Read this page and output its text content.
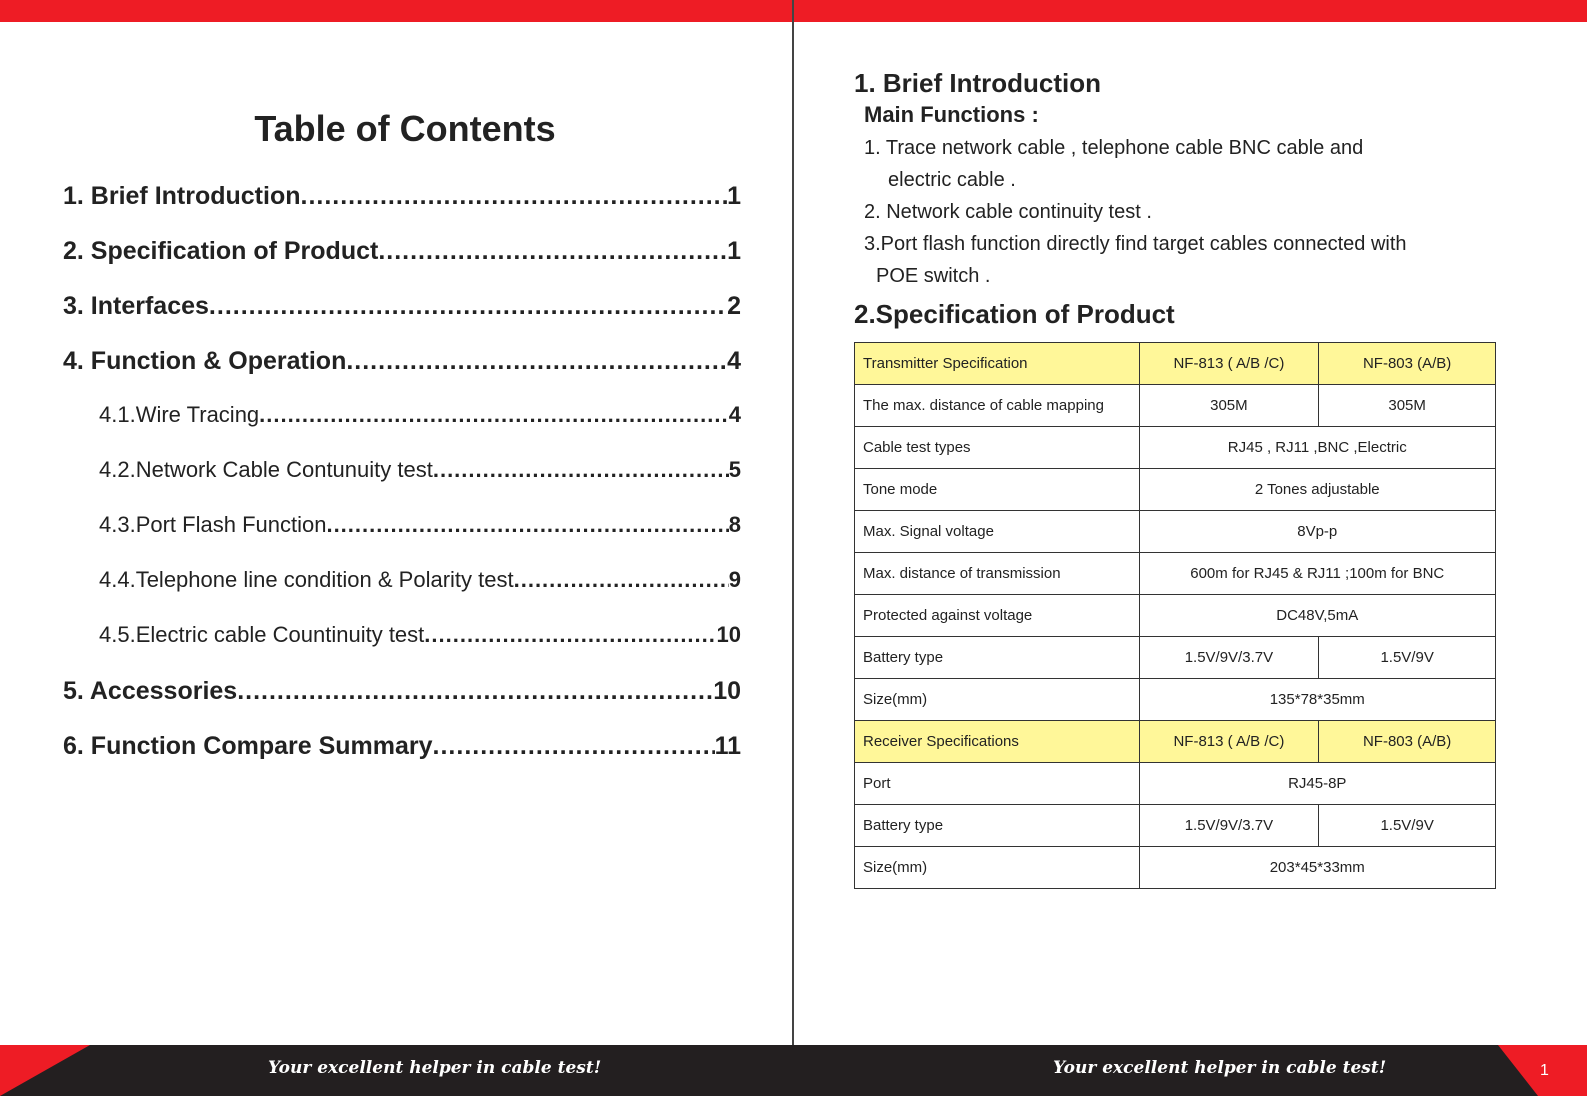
Table of Contents
1. Brief Introduction .....	1
2. Specification of Product .....	1
3. Interfaces .....	2
4. Function & Operation .....	4
4.1.Wire Tracing .....	4
4.2.Network Cable Contunuity test .....	5
4.3.Port Flash Function .....	8
4.4.Telephone line condition & Polarity test .....	9
4.5.Electric cable Countinuity test .....	10
5. Accessories .....	10
6. Function Compare Summary .....	11
1. Brief Introduction
Main Functions :
1. Trace network cable , telephone cable BNC cable and
electric cable .
2. Network cable continuity test .
3.Port flash function directly find target cables connected with
POE switch .
2.Specification of Product
Transmitter Specification	NF-813 ( A/B /C)	NF-803 (A/B)
The max. distance of cable mapping	305M	305M
Cable test types	RJ45 , RJ11 ,BNC ,Electric	
Tone mode	2 Tones adjustable	
Max. Signal voltage	8Vp-p	
Max. distance of transmission	600m for RJ45 & RJ11 ;100m for BNC	
Protected against voltage	DC48V,5mA	
Battery type	1.5V/9V/3.7V	1.5V/9V
Size(mm)	135*78*35mm	
Receiver Specifications	NF-813 ( A/B /C)	NF-803 (A/B)
Port	RJ45-8P	
Battery type	1.5V/9V/3.7V	1.5V/9V
Size(mm)	203*45*33mm	
Your excellent helper in cable test!	Your excellent helper in cable test!	1
